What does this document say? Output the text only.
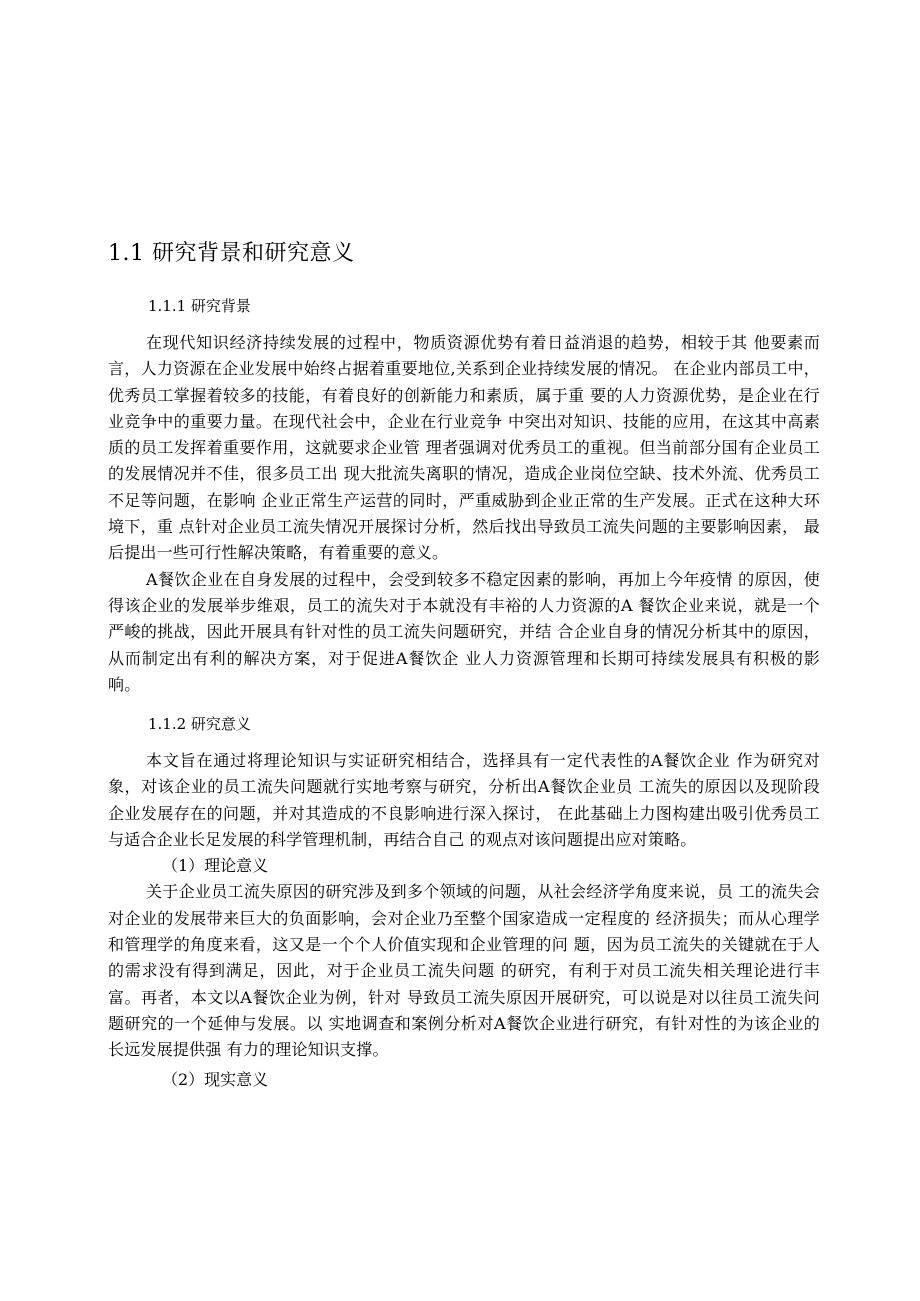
1.1 研究背景和研究意义
1.1.1 研究背景

在现代知识经济持续发展的过程中，物质资源优势有着日益消退的趋势，相较于其 他要素而言，人力资源在企业发展中始终占据着重要地位,关系到企业持续发展的情况。 在企业内部员工中，优秀员工掌握着较多的技能，有着良好的创新能力和素质，属于重 要的人力资源优势，是企业在行业竞争中的重要力量。在现代社会中，企业在行业竞争 中突出对知识、技能的应用，在这其中高素质的员工发挥着重要作用，这就要求企业管 理者强调对优秀员工的重视。但当前部分国有企业员工的发展情况并不佳，很多员工出 现大批流失离职的情况，造成企业岗位空缺、技术外流、优秀员工不足等问题，在影响 企业正常生产运营的同时，严重威胁到企业正常的生产发展。正式在这种大环境下，重 点针对企业员工流失情况开展探讨分析，然后找出导致员工流失问题的主要影响因素， 最后提出一些可行性解决策略，有着重要的意义。

A餐饮企业在自身发展的过程中，会受到较多不稳定因素的影响，再加上今年疫情 的原因，使得该企业的发展举步维艰，员工的流失对于本就没有丰裕的人力资源的A 餐饮企业来说，就是一个严峻的挑战，因此开展具有针对性的员工流失问题研究，并结 合企业自身的情况分析其中的原因，从而制定出有利的解决方案，对于促进A餐饮企 业人力资源管理和长期可持续发展具有积极的影响。

1.1.2 研究意义

本文旨在通过将理论知识与实证研究相结合，选择具有一定代表性的A餐饮企业 作为研究对象，对该企业的员工流失问题就行实地考察与研究，分析出A餐饮企业员 工流失的原因以及现阶段企业发展存在的问题，并对其造成的不良影响进行深入探讨， 在此基础上力图构建出吸引优秀员工与适合企业长足发展的科学管理机制，再结合自己 的观点对该问题提出应对策略。

（1）理论意义

关于企业员工流失原因的研究涉及到多个领域的问题，从社会经济学角度来说，员 工的流失会对企业的发展带来巨大的负面影响，会对企业乃至整个国家造成一定程度的 经济损失；而从心理学和管理学的角度来看，这又是一个个人价值实现和企业管理的问 题，因为员工流失的关键就在于人的需求没有得到满足，因此，对于企业员工流失问题 的研究，有利于对员工流失相关理论进行丰富。再者，本文以A餐饮企业为例，针对 导致员工流失原因开展研究，可以说是对以往员工流失问题研究的一个延伸与发展。以 实地调查和案例分析对A餐饮企业进行研究，有针对性的为该企业的长远发展提供强 有力的理论知识支撑。

（2）现实意义
